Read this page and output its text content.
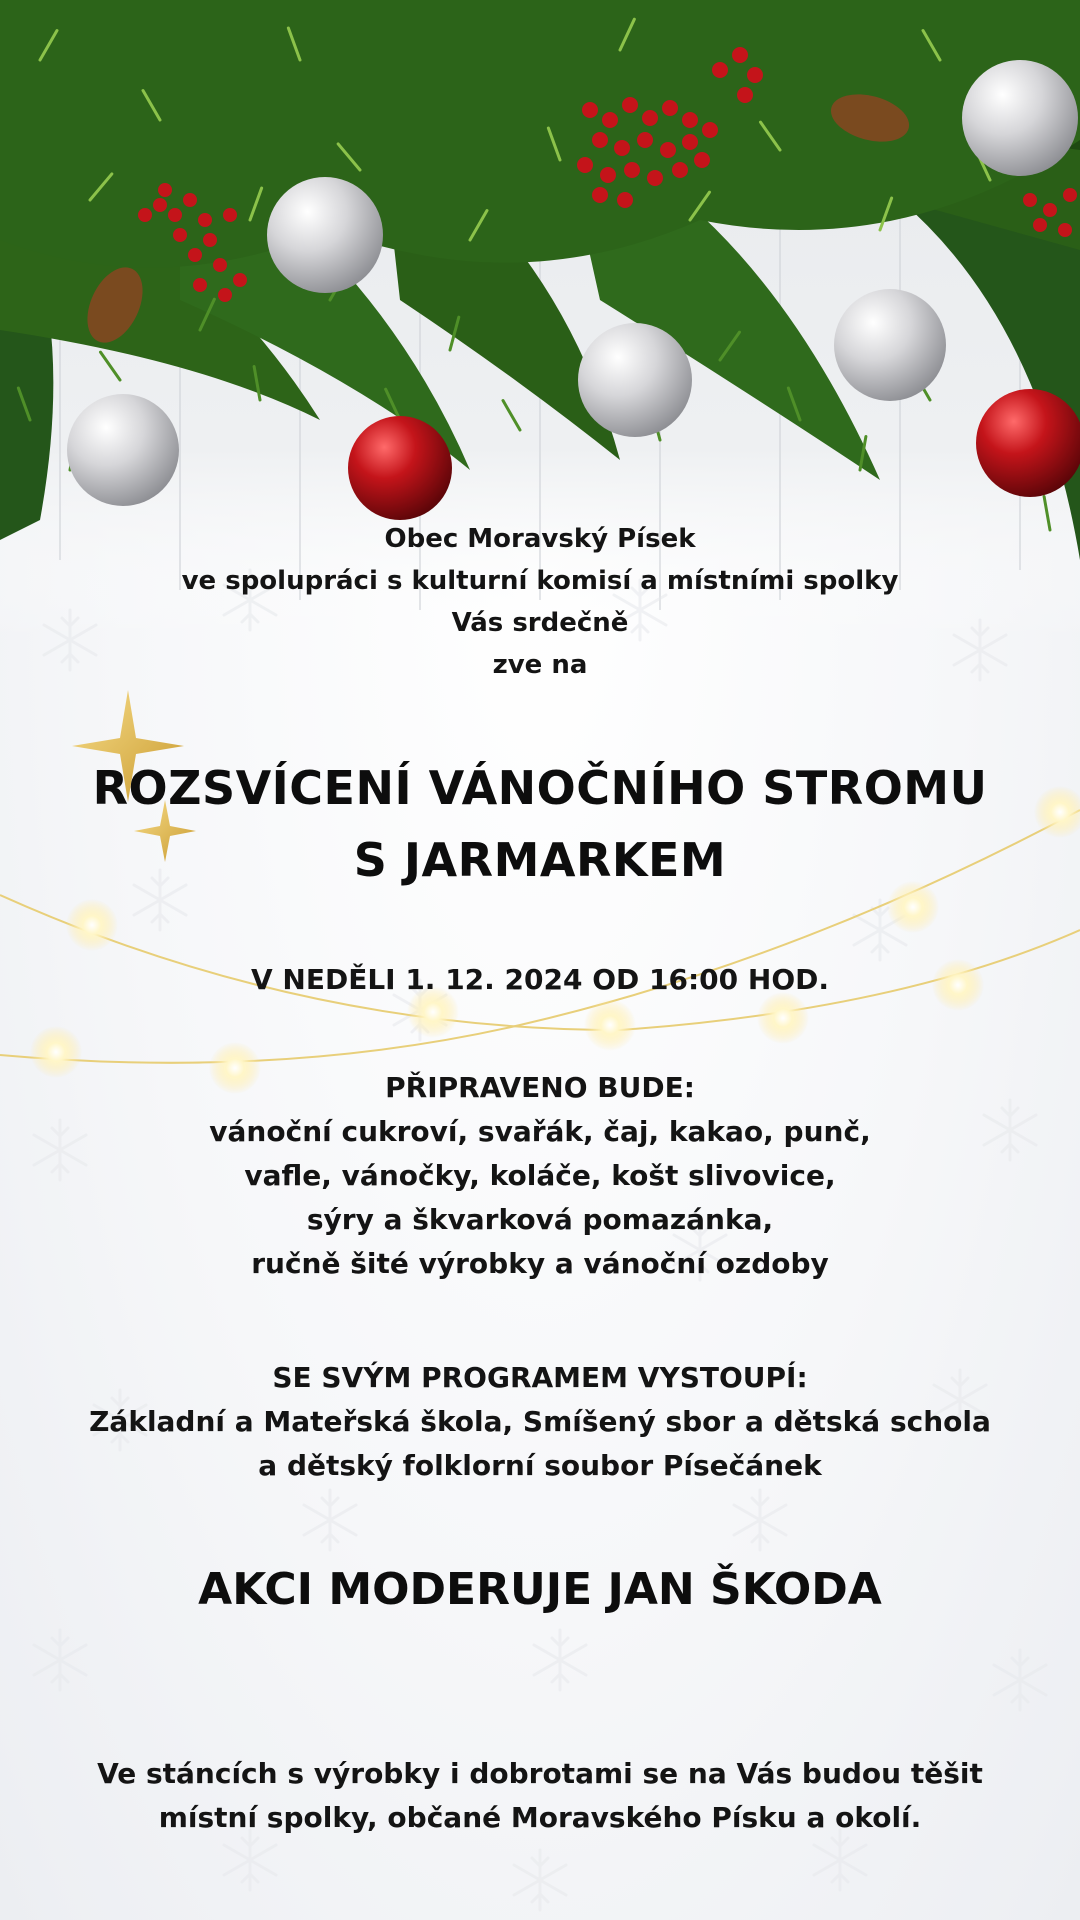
Obec Moravský Písek
ve spolupráci s kulturní komisí a místními spolky
Vás srdečně
zve na
ROZSVÍCENÍ VÁNOČNÍHO STROMU
S JARMARKEM
V NEDĚLI 1. 12. 2024 OD 16:00 HOD.
PŘIPRAVENO BUDE:
vánoční cukroví, svařák, čaj, kakao, punč,
vafle, vánočky, koláče, košt slivovice,
sýry a škvarková pomazánka,
ručně šité výrobky a vánoční ozdoby
SE SVÝM PROGRAMEM VYSTOUPÍ:
Základní a Mateřská škola, Smíšený sbor a dětská schola
a dětský folklorní soubor Písečánek
AKCI MODERUJE JAN ŠKODA
Ve stáncích s výrobky i dobrotami se na Vás budou těšit
místní spolky, občané Moravského Písku a okolí.
